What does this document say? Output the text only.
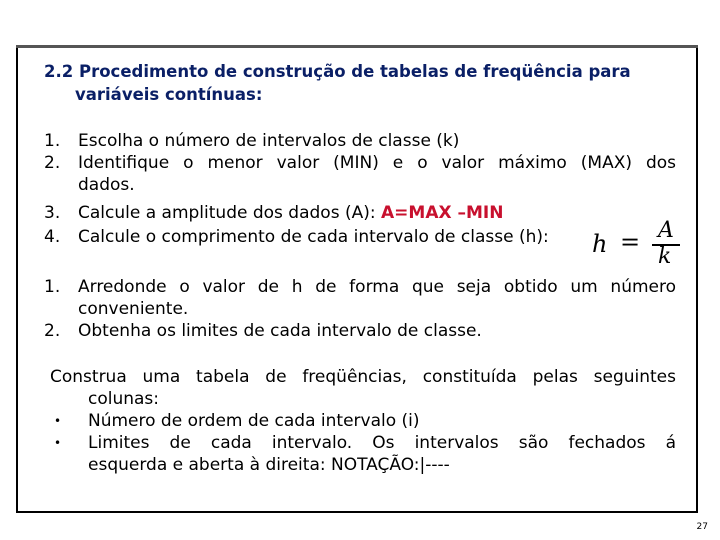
2.2 Procedimento de construção de tabelas de freqüência para
variáveis contínuas:
1. Escolha o número de intervalos de classe (k)
2. Identifique o menor valor (MIN) e o valor máximo (MAX) dos
dados.
3. Calcule a amplitude dos dados (A): A=MAX –MIN
4. Calcule o comprimento de cada intervalo de classe (h):	h = A
k
1. Arredonde o valor de h de forma que seja obtido um número
conveniente.
2. Obtenha os limites de cada intervalo de classe.
Construa uma tabela de freqüências, constituída pelas seguintes
colunas:
• Número de ordem de cada intervalo (i)
• Limites de cada intervalo. Os intervalos são fechados á
esquerda e aberta à direita: NOTAÇÃO:|----
27
